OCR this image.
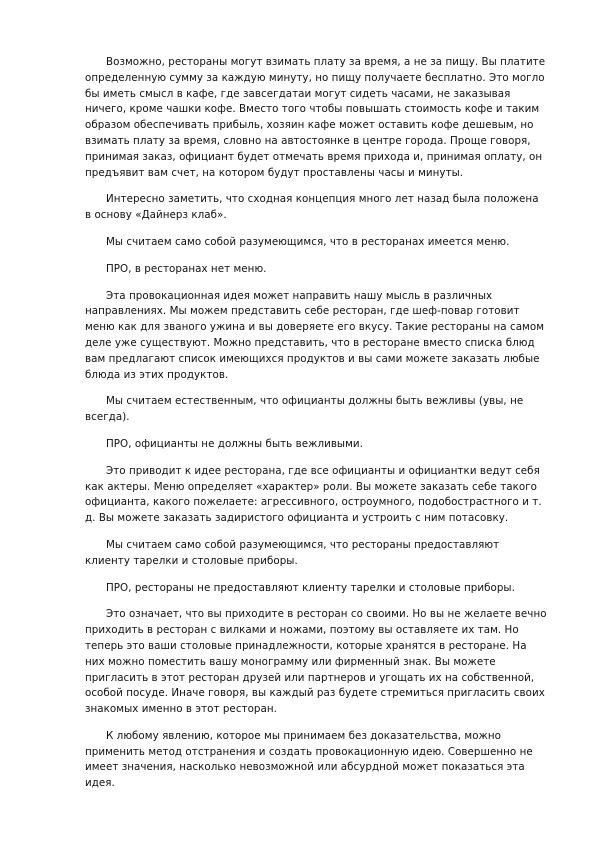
Возможно, рестораны могут взимать плату за время, а не за пищу. Вы платите определенную сумму за каждую минуту, но пищу получаете бесплатно. Это могло бы иметь смысл в кафе, где завсегдатаи могут сидеть часами, не заказывая ничего, кроме чашки кофе. Вместо того чтобы повышать стоимость кофе и таким образом обеспечивать прибыль, хозяин кафе может оставить кофе дешевым, но взимать плату за время, словно на автостоянке в центре города. Проще говоря, принимая заказ, официант будет отмечать время прихода и, принимая оплату, он предъявит вам счет, на котором будут проставлены часы и минуты.

Интересно заметить, что сходная концепция много лет назад была положена в основу «Дайнерз клаб».

Мы считаем само собой разумеющимся, что в ресторанах имеется меню.

ПРО, в ресторанах нет меню.

Эта провокационная идея может направить нашу мысль в различных направлениях. Мы можем представить себе ресторан, где шеф-повар готовит меню как для званого ужина и вы доверяете его вкусу. Такие рестораны на самом деле уже существуют. Можно представить, что в ресторане вместо списка блюд вам предлагают список имеющихся продуктов и вы сами можете заказать любые блюда из этих продуктов.

Мы считаем естественным, что официанты должны быть вежливы (увы, не всегда).

ПРО, официанты не должны быть вежливыми.

Это приводит к идее ресторана, где все официанты и официантки ведут себя как актеры. Меню определяет «характер» роли. Вы можете заказать себе такого официанта, какого пожелаете: агрессивного, остроумного, подобострастного и т. д. Вы можете заказать задиристого официанта и устроить с ним потасовку.

Мы считаем само собой разумеющимся, что рестораны предоставляют клиенту тарелки и столовые приборы.

ПРО, рестораны не предоставляют клиенту тарелки и столовые приборы.

Это означает, что вы приходите в ресторан со своими. Но вы не желаете вечно приходить в ресторан с вилками и ножами, поэтому вы оставляете их там. Но теперь это ваши столовые принадлежности, которые хранятся в ресторане. На них можно поместить вашу монограмму или фирменный знак. Вы можете пригласить в этот ресторан друзей или партнеров и угощать их на собственной, особой посуде. Иначе говоря, вы каждый раз будете стремиться пригласить своих знакомых именно в этот ресторан.

К любому явлению, которое мы принимаем без доказательства, можно применить метод отстранения и создать провокационную идею. Совершенно не имеет значения, насколько невозможной или абсурдной может показаться эта идея.
